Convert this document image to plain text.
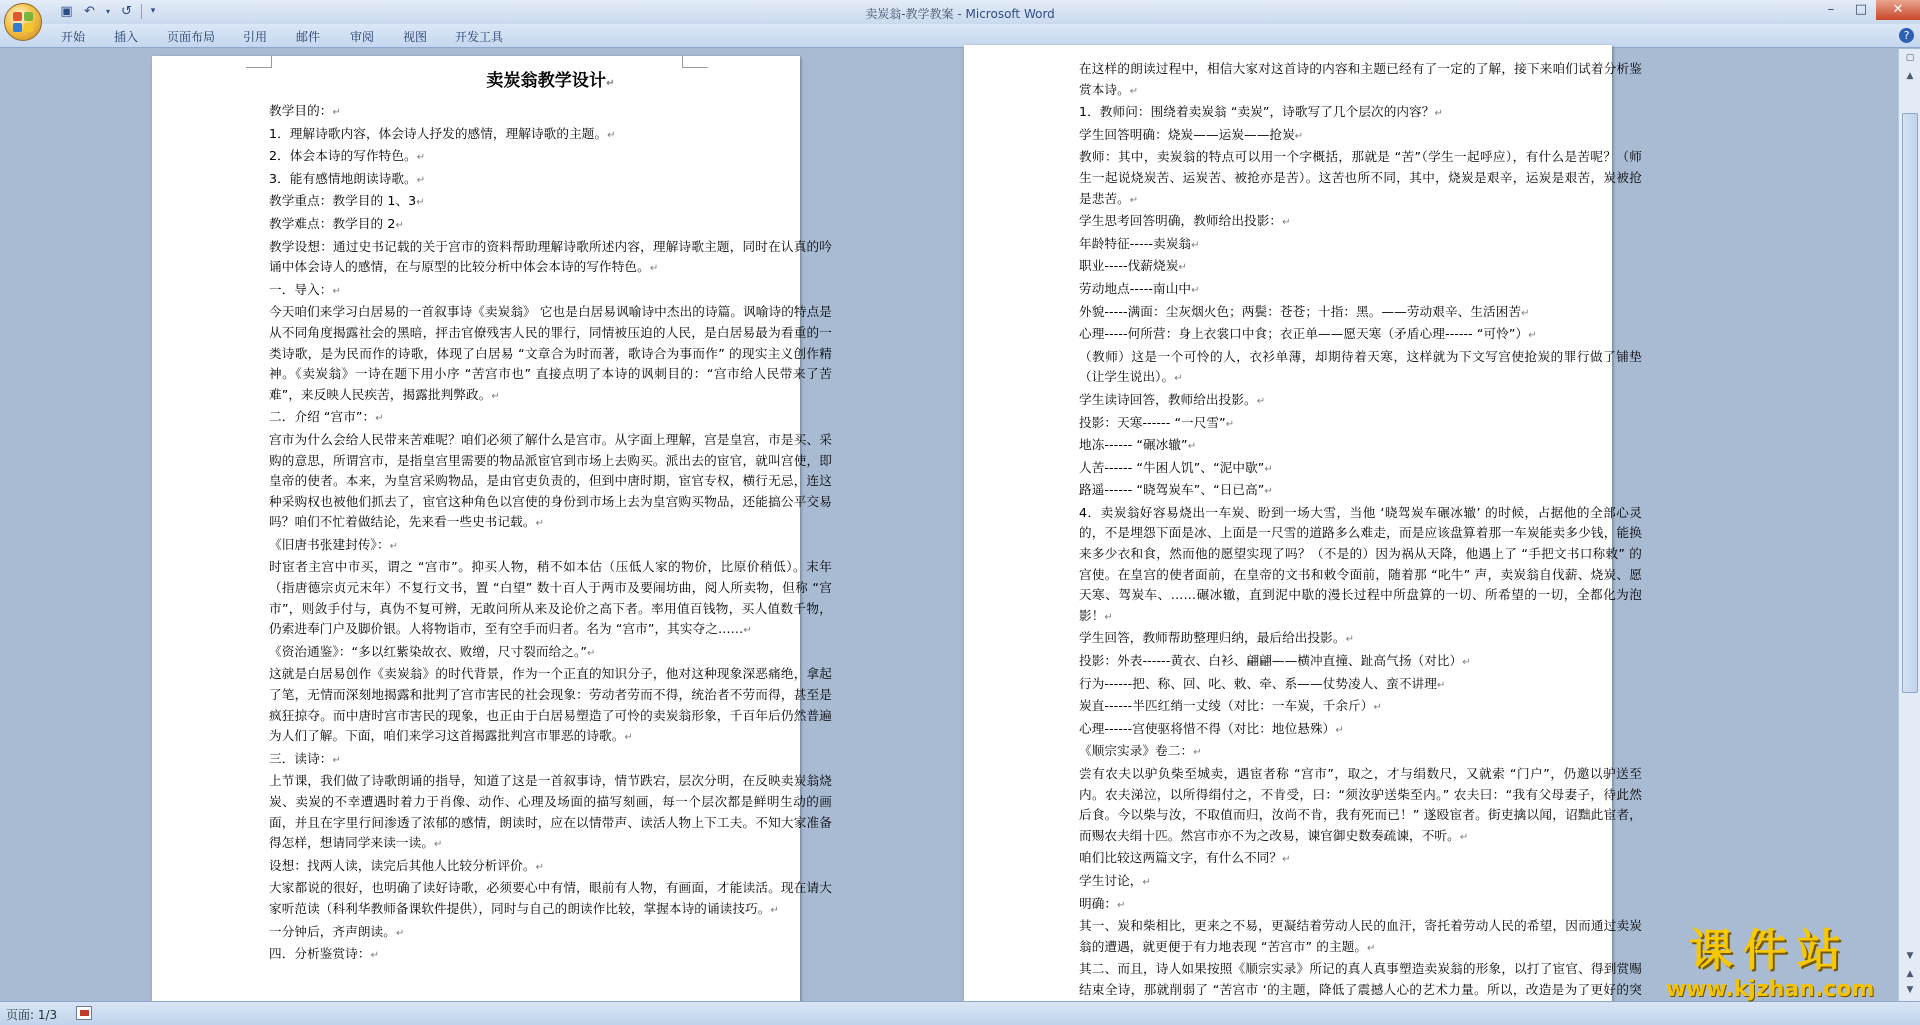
▣ ↶	▾ ↺	▾	卖炭翁-教学教案 - Microsoft Word	–	□	✕
开始 插入 页面布局 引用 邮件 审阅 视图 开发工具	?
卖炭翁教学设计↵
教学目的：↵
1．理解诗歌内容，体会诗人抒发的感情，理解诗歌的主题。↵
2．体会本诗的写作特色。↵
3．能有感情地朗读诗歌。↵
教学重点：教学目的 1、3↵
教学难点：教学目的 2↵
教学设想：通过史书记载的关于宫市的资料帮助理解诗歌所述内容，理解诗歌主题，同时在认真的吟诵中体会诗人的感情，在与原型的比较分析中体会本诗的写作特色。↵
一．导入：↵
今天咱们来学习白居易的一首叙事诗《卖炭翁》 它也是白居易讽喻诗中杰出的诗篇。讽喻诗的特点是从不同角度揭露社会的黑暗，抨击官僚残害人民的罪行，同情被压迫的人民，是白居易最为看重的一类诗歌，是为民而作的诗歌，体现了白居易 “文章合为时而著，歌诗合为事而作” 的现实主义创作精神。《卖炭翁》一诗在题下用小序 “苦宫市也” 直接点明了本诗的讽刺目的：“宫市给人民带来了苦难”，来反映人民疾苦，揭露批判弊政。↵
二．介绍 “宫市”：↵
宫市为什么会给人民带来苦难呢？咱们必须了解什么是宫市。从字面上理解，宫是皇宫，市是买、采购的意思，所谓宫市，是指皇宫里需要的物品派宦官到市场上去购买。派出去的宦官，就叫宫使，即皇帝的使者。本来，为皇宫采购物品，是由官吏负责的，但到中唐时期，宦官专权，横行无忌，连这种采购权也被他们抓去了，宦官这种角色以宫使的身份到市场上去为皇宫购买物品，还能搞公平交易吗？咱们不忙着做结论，先来看一些史书记载。↵
《旧唐书张建封传》：↵
时宦者主宫中市买，谓之 “宫市”。抑买人物，稍不如本估（压低人家的物价，比原价稍低）。末年（指唐德宗贞元末年）不复行文书，置 “白望” 数十百人于两市及要闹坊曲，阅人所卖物，但称 “宫市”，则敛手付与，真伪不复可辨，无敢问所从来及论价之高下者。率用值百钱物，买人值数千物，仍索进奉门户及脚价银。人将物诣市，至有空手而归者。名为 “宫市”，其实夺之……↵
《资治通鉴》：“多以红紫染故衣、败缯，尺寸裂而给之。”↵
这就是白居易创作《卖炭翁》的时代背景，作为一个正直的知识分子，他对这种现象深恶痛绝，拿起了笔，无情而深刻地揭露和批判了宫市害民的社会现象：劳动者劳而不得，统治者不劳而得，甚至是疯狂掠夺。而中唐时宫市害民的现象，也正由于白居易塑造了可怜的卖炭翁形象，千百年后仍然普遍为人们了解。下面，咱们来学习这首揭露批判宫市罪恶的诗歌。↵
三．读诗：↵
上节课，我们做了诗歌朗诵的指导，知道了这是一首叙事诗，情节跌宕，层次分明，在反映卖炭翁烧炭、卖炭的不幸遭遇时着力于肖像、动作、心理及场面的描写刻画，每一个层次都是鲜明生动的画面，并且在字里行间渗透了浓郁的感情，朗读时，应在以情带声、读活人物上下工夫。不知大家准备得怎样，想请同学来读一读。↵
设想：找两人读，读完后其他人比较分析评价。↵
大家都说的很好，也明确了读好诗歌，必须要心中有情，眼前有人物，有画面，才能读活。现在请大家听范读（科利华教师备课软件提供），同时与自己的朗读作比较，掌握本诗的诵读技巧。↵
一分钟后，齐声朗读。↵
四．分析鉴赏诗：↵
在这样的朗读过程中，相信大家对这首诗的内容和主题已经有了一定的了解，接下来咱们试着分析鉴赏本诗。↵
1．教师问：围绕着卖炭翁 “卖炭”，诗歌写了几个层次的内容？↵
学生回答明确：烧炭——运炭——抢炭↵
教师：其中，卖炭翁的特点可以用一个字概括，那就是 “苦”（学生一起呼应），有什么是苦呢？（师生一起说烧炭苦、运炭苦、被抢亦是苦）。这苦也所不同，其中，烧炭是艰辛，运炭是艰苦，炭被抢是悲苦。↵
学生思考回答明确，教师给出投影：↵
年龄特征-----卖炭翁↵
职业-----伐薪烧炭↵
劳动地点-----南山中↵
外貌-----满面：尘灰烟火色；两鬓：苍苍；十指：黑。——劳动艰辛、生活困苦↵
心理-----何所营：身上衣裳口中食；衣正单——愿天寒（矛盾心理------ “可怜”）↵
（教师）这是一个可怜的人，衣衫单薄，却期待着天寒，这样就为下文写宫使抢炭的罪行做了铺垫（让学生说出）。↵
学生读诗回答，教师给出投影。↵
投影：天寒------ “一尺雪”↵
地冻------ “碾冰辙”↵
人苦------ “牛困人饥”、“泥中歇”↵
路遥------ “晓驾炭车”、“日已高”↵
4．卖炭翁好容易烧出一车炭、盼到一场大雪，当他 ‘晓驾炭车碾冰辙’ 的时候，占据他的全部心灵的，不是埋怨下面是冰、上面是一尺雪的道路多么难走，而是应该盘算着那一车炭能卖多少钱，能换来多少衣和食，然而他的愿望实现了吗？（不是的）因为祸从天降，他遇上了 “手把文书口称敕” 的宫使。在皇宫的使者面前，在皇帝的文书和敕令面前，随着那 “叱牛” 声，卖炭翁自伐薪、烧炭、愿天寒、驾炭车、……碾冰辙，直到泥中歇的漫长过程中所盘算的一切、所希望的一切，全都化为泡影！↵
学生回答，教师帮助整理归纳，最后给出投影。↵
投影：外表------黄衣、白衫、翩翩——横冲直撞、趾高气扬（对比）↵
行为------把、称、回、叱、敕、牵、系——仗势凌人、蛮不讲理↵
炭直------半匹红绡一丈绫（对比：一车炭，千余斤）↵
心理------宫使驱将惜不得（对比：地位悬殊）↵
《顺宗实录》卷二：↵
尝有农夫以驴负柴至城卖，遇宦者称 “宫市”，取之，才与绢数尺，又就索 “门户”，仍邀以驴送至内。农夫涕泣，以所得绢付之，不肯受，曰：“须汝驴送柴至内。” 农夫曰：“我有父母妻子，待此然后食。今以柴与汝，不取值而归，汝尚不肯，我有死而已！” 遂殴宦者。街吏擒以闻，诏黜此宦者，而赐农夫绢十匹。然宫市亦不为之改易，谏官御史数奏疏谏，不听。↵
咱们比较这两篇文字，有什么不同？↵
学生讨论，↵
明确：↵
其一、炭和柴相比，更来之不易，更凝结着劳动人民的血汗，寄托着劳动人民的希望，因而通过卖炭翁的遭遇，就更便于有力地表现 “苦宫市” 的主题。↵
其二、而且，诗人如果按照《顺宗实录》所记的真人真事塑造卖炭翁的形象，以打了宦官、得到赏赐结束全诗，那就削弱了 “苦宫市 ‘的主题，降低了震撼人心的艺术力量。所以，改造是为了更好的突
▢
▲
▼
▲
▼
页面: 1/3
课件站
www.kjzhan.com
